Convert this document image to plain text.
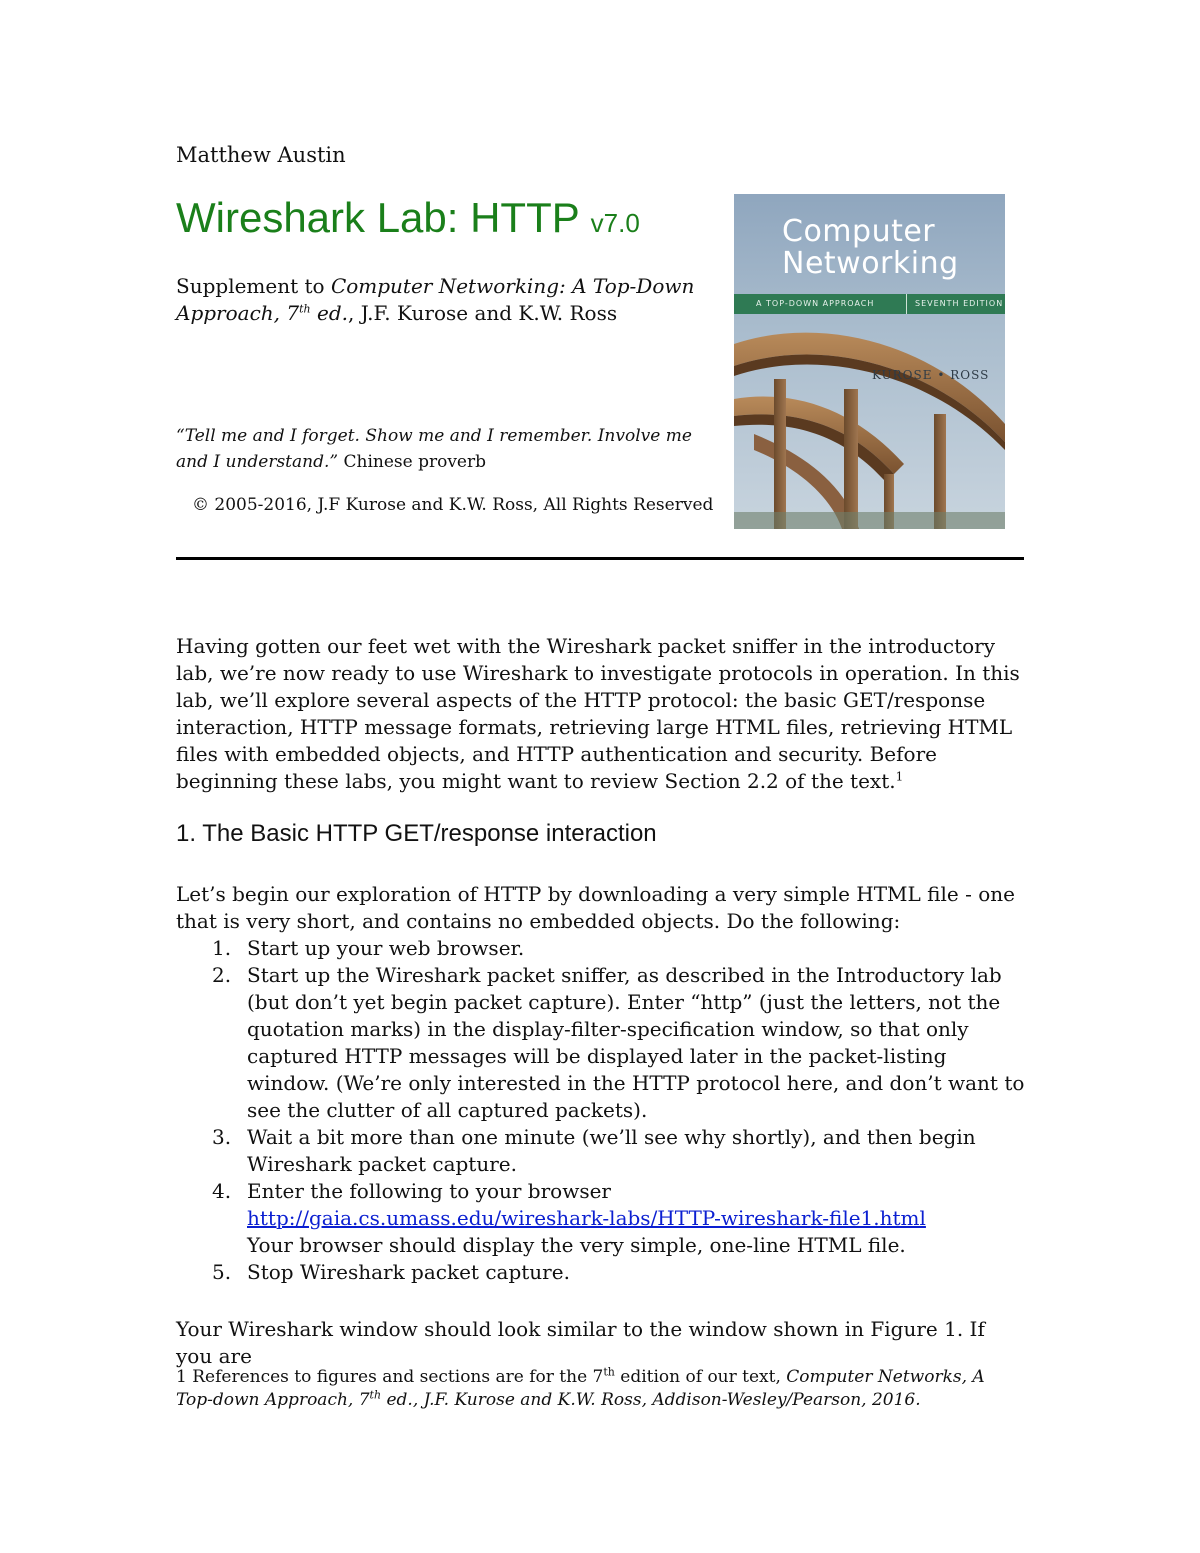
Matthew Austin
Wireshark Lab: HTTP v7.0
Supplement to Computer Networking: A Top-Down Approach, 7th ed., J.F. Kurose and K.W. Ross
“Tell me and I forget. Show me and I remember. Involve me and I understand.” Chinese proverb
© 2005-2016, J.F Kurose and K.W. Ross, All Rights Reserved
Computer
Networking
A TOP-DOWN APPROACH	SEVENTH EDITION
KUROSE • ROSS

Having gotten our feet wet with the Wireshark packet sniffer in the introductory lab, we’re now ready to use Wireshark to investigate protocols in operation. In this lab, we’ll explore several aspects of the HTTP protocol: the basic GET/response interaction, HTTP message formats, retrieving large HTML files, retrieving HTML files with embedded objects, and HTTP authentication and security. Before beginning these labs, you might want to review Section 2.2 of the text.$^1$

1. The Basic HTTP GET/response interaction

Let’s begin our exploration of HTTP by downloading a very simple HTML file - one that is very short, and contains no embedded objects. Do the following:

1. Start up your web browser.
2. Start up the Wireshark packet sniffer, as described in the Introductory lab (but don’t yet begin packet capture). Enter “http” (just the letters, not the quotation marks) in the display-filter-specification window, so that only captured HTTP messages will be displayed later in the packet-listing window. (We’re only interested in the HTTP protocol here, and don’t want to see the clutter of all captured packets).
3. Wait a bit more than one minute (we’ll see why shortly), and then begin Wireshark packet capture.
4. Enter the following to your browser
http://gaia.cs.umass.edu/wireshark-labs/HTTP-wireshark-file1.html
Your browser should display the very simple, one-line HTML file.
5. Stop Wireshark packet capture.

Your Wireshark window should look similar to the window shown in Figure 1. If you are

1 References to figures and sections are for the 7th edition of our text, Computer Networks, A Top-down Approach, 7th ed., J.F. Kurose and K.W. Ross, Addison-Wesley/Pearson, 2016.
